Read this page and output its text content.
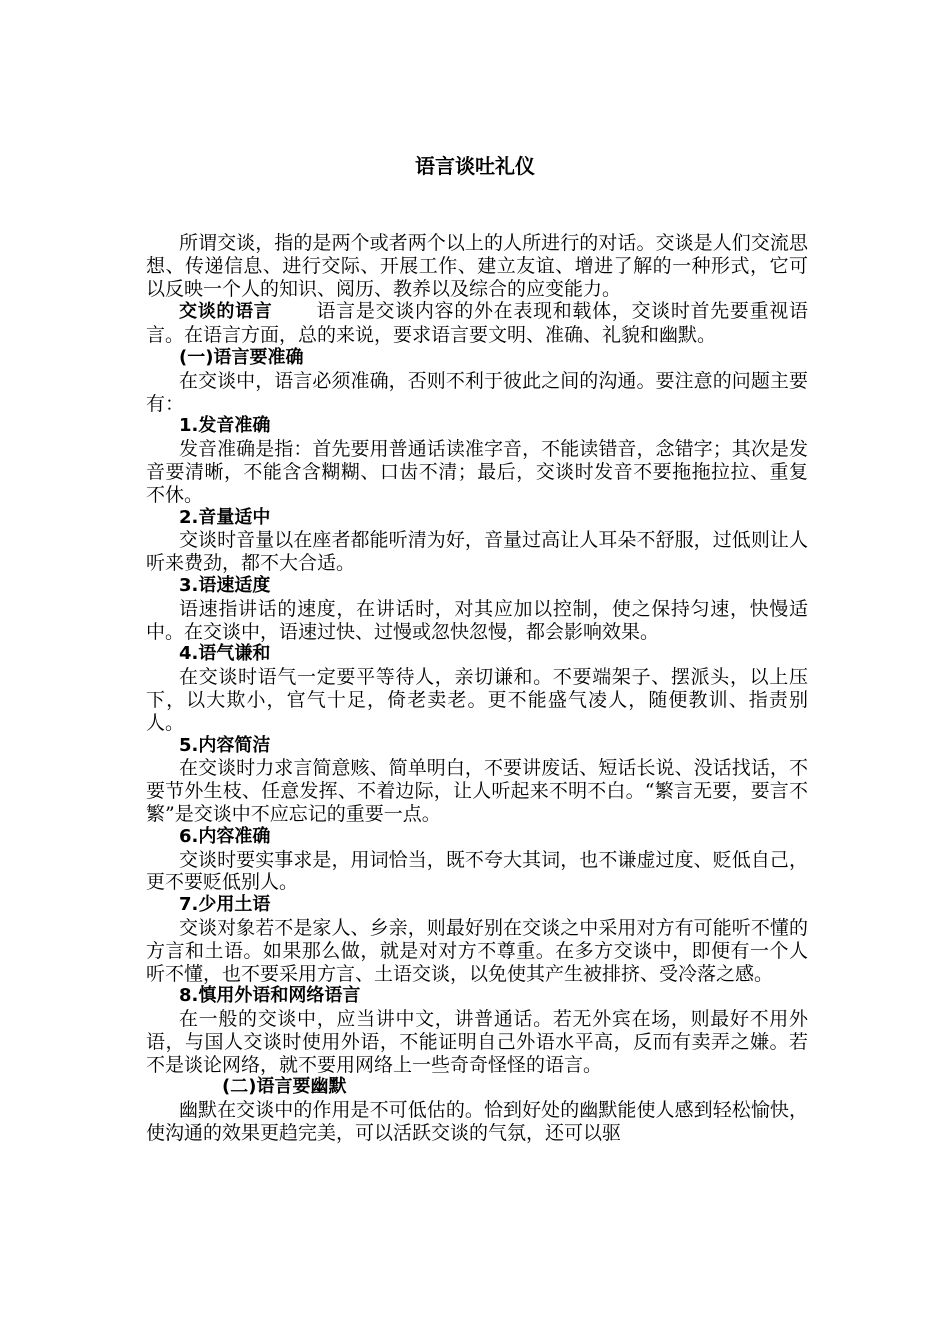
语言谈吐礼仪

所谓交谈，指的是两个或者两个以上的人所进行的对话。交谈是人们交流思想、传递信息、进行交际、开展工作、建立友谊、增进了解的一种形式，它可以反映一个人的知识、阅历、教养以及综合的应变能力。

交谈的语言 语言是交谈内容的外在表现和载体，交谈时首先要重视语言。在语言方面，总的来说，要求语言要文明、准确、礼貌和幽默。

(一)语言要准确

在交谈中，语言必须准确，否则不利于彼此之间的沟通。要注意的问题主要有：

1.发音准确

发音准确是指：首先要用普通话读准字音，不能读错音，念错字；其次是发音要清晰，不能含含糊糊、口齿不清；最后，交谈时发音不要拖拖拉拉、重复不休。

2.音量适中

交谈时音量以在座者都能听清为好，音量过高让人耳朵不舒服，过低则让人听来费劲，都不大合适。

3.语速适度

语速指讲话的速度，在讲话时，对其应加以控制，使之保持匀速，快慢适中。在交谈中，语速过快、过慢或忽快忽慢，都会影响效果。

4.语气谦和

在交谈时语气一定要平等待人，亲切谦和。不要端架子、摆派头，以上压下，以大欺小，官气十足，倚老卖老。更不能盛气凌人，随便教训、指责别人。

5.内容简洁

在交谈时力求言简意赅、简单明白，不要讲废话、短话长说、没话找话，不要节外生枝、任意发挥、不着边际，让人听起来不明不白。“繁言无要，要言不繁”是交谈中不应忘记的重要一点。

6.内容准确

交谈时要实事求是，用词恰当，既不夸大其词，也不谦虚过度、贬低自己，更不要贬低别人。

7.少用土语

交谈对象若不是家人、乡亲，则最好别在交谈之中采用对方有可能听不懂的方言和土语。如果那么做，就是对对方不尊重。在多方交谈中，即便有一个人听不懂，也不要采用方言、土语交谈，以免使其产生被排挤、受冷落之感。

8.慎用外语和网络语言

在一般的交谈中，应当讲中文，讲普通话。若无外宾在场，则最好不用外语，与国人交谈时使用外语，不能证明自己外语水平高，反而有卖弄之嫌。若不是谈论网络，就不要用网络上一些奇奇怪怪的语言。

(二)语言要幽默

幽默在交谈中的作用是不可低估的。恰到好处的幽默能使人感到轻松愉快，使沟通的效果更趋完美，可以活跃交谈的气氛，还可以驱
